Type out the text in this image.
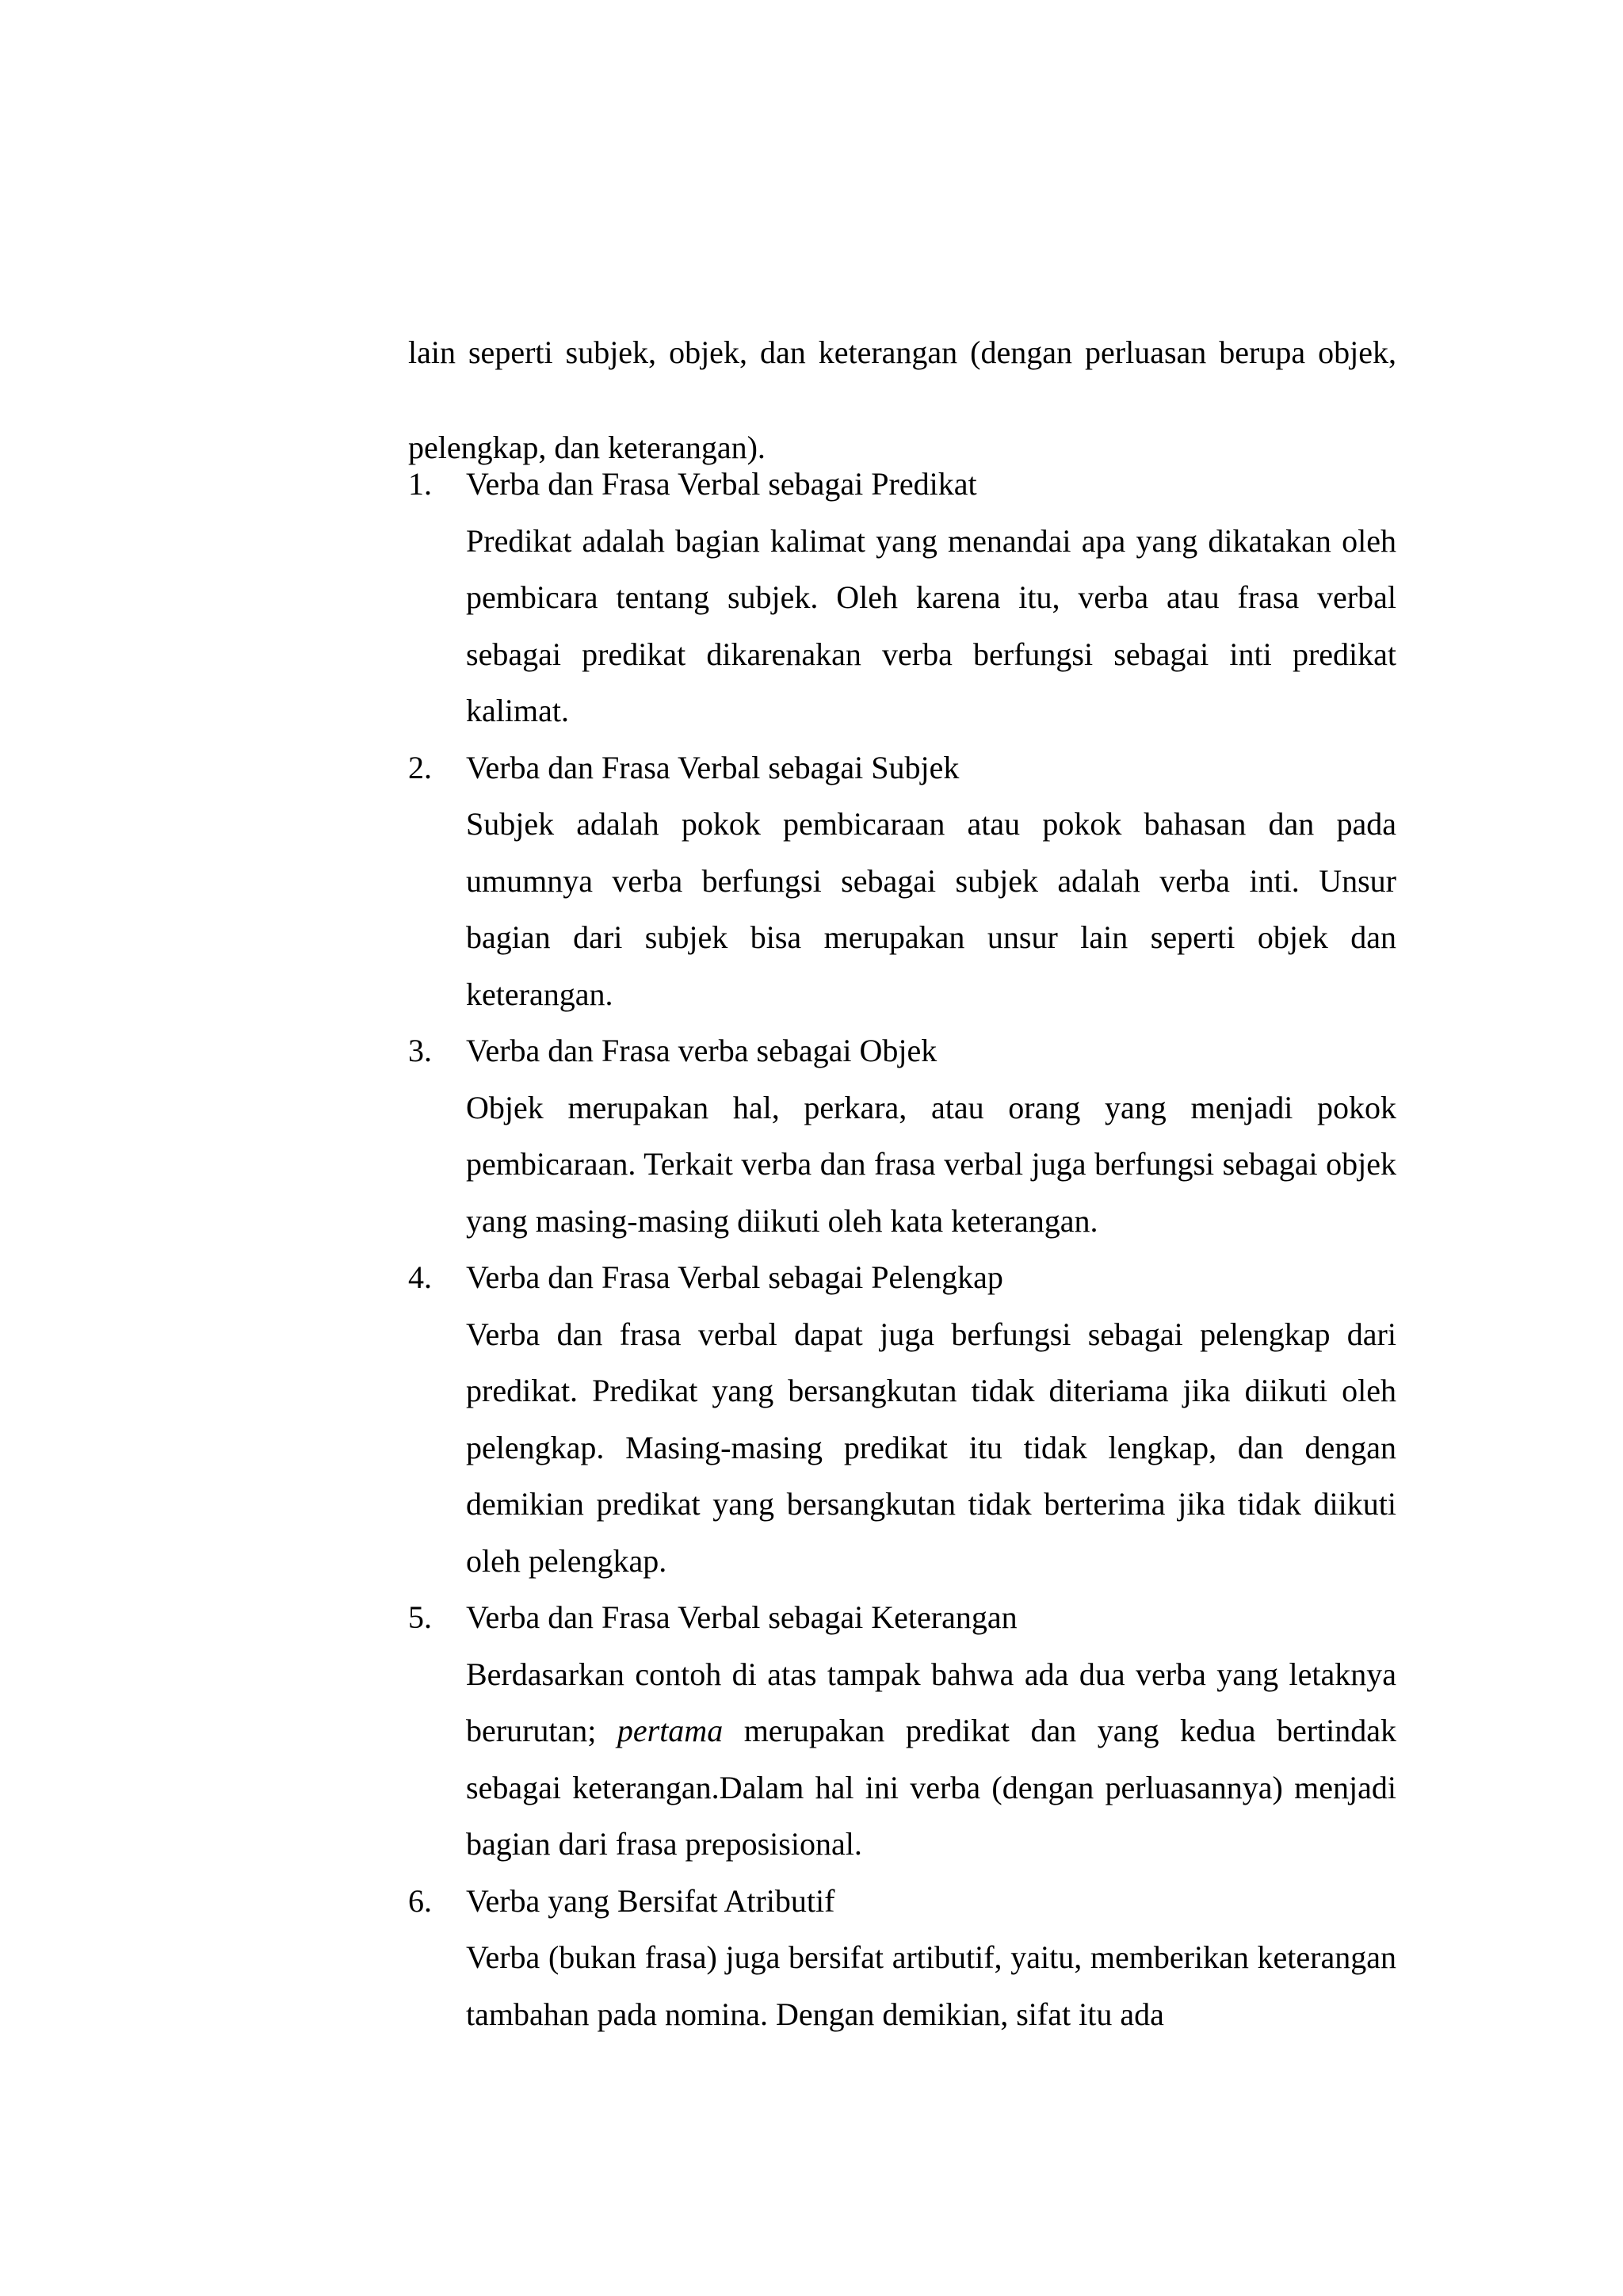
lain seperti subjek, objek, dan keterangan (dengan perluasan berupa objek, pelengkap, dan keterangan).

1. Verba dan Frasa Verbal sebagai Predikat

Predikat adalah bagian kalimat yang menandai apa yang dikatakan oleh pembicara tentang subjek. Oleh karena itu, verba atau frasa verbal sebagai predikat dikarenakan verba berfungsi sebagai inti predikat kalimat.

2. Verba dan Frasa Verbal sebagai Subjek

Subjek adalah pokok pembicaraan atau pokok bahasan dan pada umumnya verba berfungsi sebagai subjek adalah verba inti. Unsur bagian dari subjek bisa merupakan unsur lain seperti objek dan keterangan.

3. Verba dan Frasa verba sebagai Objek

Objek merupakan hal, perkara, atau orang yang menjadi pokok pembicaraan. Terkait verba dan frasa verbal juga berfungsi sebagai objek yang masing-masing diikuti oleh kata keterangan.

4. Verba dan Frasa Verbal sebagai Pelengkap

Verba dan frasa verbal dapat juga berfungsi sebagai pelengkap dari predikat. Predikat yang bersangkutan tidak diteriama jika diikuti oleh pelengkap. Masing-masing predikat itu tidak lengkap, dan dengan demikian predikat yang bersangkutan tidak berterima jika tidak diikuti oleh pelengkap.

5. Verba dan Frasa Verbal sebagai Keterangan

Berdasarkan contoh di atas tampak bahwa ada dua verba yang letaknya berurutan; pertama merupakan predikat dan yang kedua bertindak sebagai keterangan.Dalam hal ini verba (dengan perluasannya) menjadi bagian dari frasa preposisional.

6. Verba yang Bersifat Atributif

Verba (bukan frasa) juga bersifat artibutif, yaitu, memberikan keterangan tambahan pada nomina. Dengan demikian, sifat itu ada
